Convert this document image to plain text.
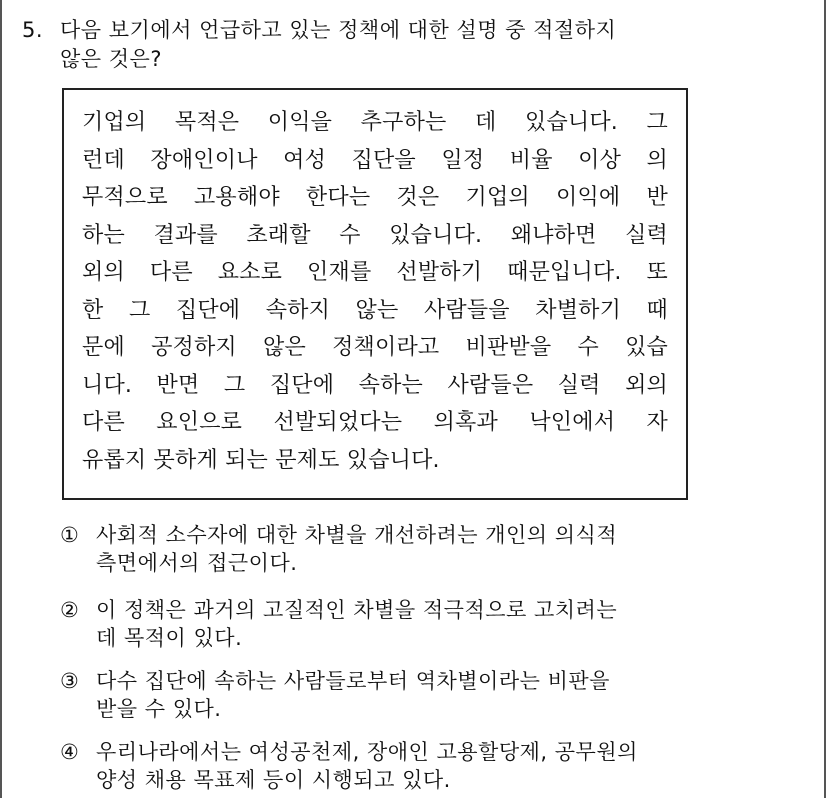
5. 다음 보기에서 언급하고 있는 정책에 대한 설명 중 적절하지
않은 것은?
기업의 목적은 이익을 추구하는 데 있습니다. 그
런데 장애인이나 여성 집단을 일정 비율 이상 의
무적으로 고용해야 한다는 것은 기업의 이익에 반
하는 결과를 초래할 수 있습니다. 왜냐하면 실력
외의 다른 요소로 인재를 선발하기 때문입니다. 또
한 그 집단에 속하지 않는 사람들을 차별하기 때
문에 공정하지 않은 정책이라고 비판받을 수 있습
니다. 반면 그 집단에 속하는 사람들은 실력 외의
다른 요인으로 선발되었다는 의혹과 낙인에서 자
유롭지 못하게 되는 문제도 있습니다.
① 사회적 소수자에 대한 차별을 개선하려는 개인의 의식적
측면에서의 접근이다.
② 이 정책은 과거의 고질적인 차별을 적극적으로 고치려는
데 목적이 있다.
③ 다수 집단에 속하는 사람들로부터 역차별이라는 비판을
받을 수 있다.
④ 우리나라에서는 여성공천제, 장애인 고용할당제, 공무원의
양성 채용 목표제 등이 시행되고 있다.
